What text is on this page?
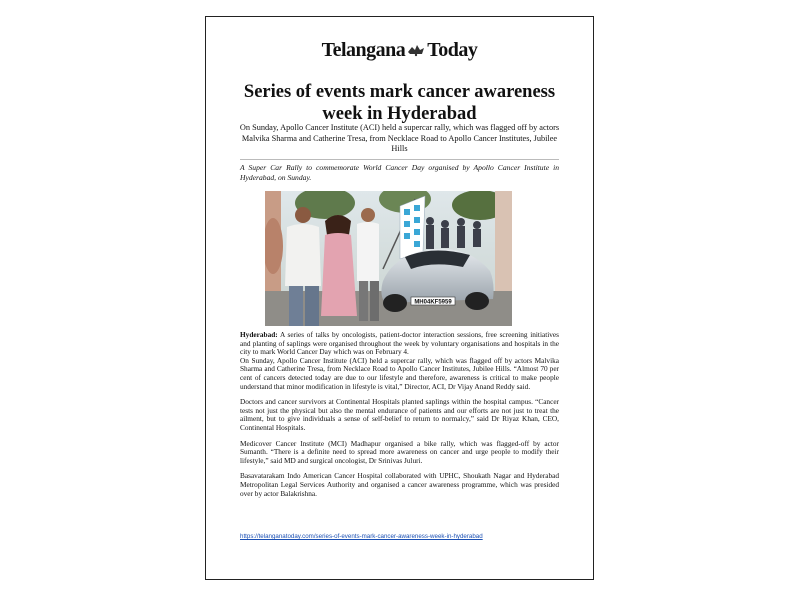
Telangana Today
Series of events mark cancer awareness week in Hyderabad
On Sunday, Apollo Cancer Institute (ACI) held a supercar rally, which was flagged off by actors Malvika Sharma and Catherine Tresa, from Necklace Road to Apollo Cancer Institutes, Jubilee Hills
A Super Car Rally to commemorate World Cancer Day organised by Apollo Cancer Institute in Hyderabad, on Sunday.
MH04KF5959

Hyderabad: A series of talks by oncologists, patient-doctor interaction sessions, free screening initiatives and planting of saplings were organised throughout the week by voluntary organisations and hospitals in the city to mark World Cancer Day which was on February 4.

On Sunday, Apollo Cancer Institute (ACI) held a supercar rally, which was flagged off by actors Malvika Sharma and Catherine Tresa, from Necklace Road to Apollo Cancer Institutes, Jubilee Hills. “Almost 70 per cent of cancers detected today are due to our lifestyle and therefore, awareness is critical to make people understand that minor modification in lifestyle is vital,” Director, ACI, Dr Vijay Anand Reddy said.

Doctors and cancer survivors at Continental Hospitals planted saplings within the hospital campus. “Cancer tests not just the physical but also the mental endurance of patients and our efforts are not just to treat the ailment, but to give individuals a sense of self-belief to return to normalcy,” said Dr Riyaz Khan, CEO, Continental Hospitals.

Medicover Cancer Institute (MCI) Madhapur organised a bike rally, which was flagged-off by actor Sumanth. “There is a definite need to spread more awareness on cancer and urge people to modify their lifestyle,” said MD and surgical oncologist, Dr Srinivas Juluri.

Basavatarakam Indo American Cancer Hospital collaborated with UPHC, Shoukath Nagar and Hyderabad Metropolitan Legal Services Authority and organised a cancer awareness programme, which was presided over by actor Balakrishna.

https://telanganatoday.com/series-of-events-mark-cancer-awareness-week-in-hyderabad
